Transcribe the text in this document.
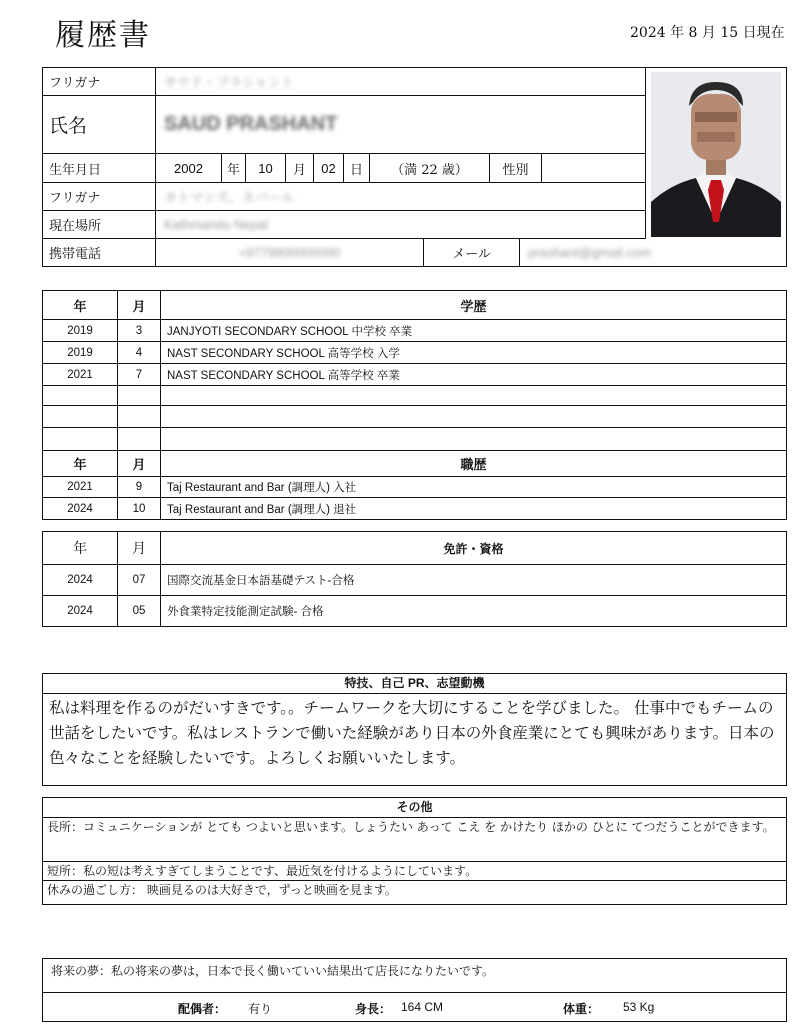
履歴書	2024 年 8 月 15 日現在
フリガナ	サウド・プラシャント
氏名	SAUD PRASHANT
生年月日	2002	年	10	月	02	日	（満 22 歳）	性別
フリガナ	カトマンズ、ネパール
現在場所	Kathmandu Nepal
携帯電話	+9779800000000	メール	prashant@gmail.com
年	月	学歴
2019	3	JANJYOTI SECONDARY SCHOOL 中学校 卒業
2019	4	NAST SECONDARY SCHOOL 高等学校 入学
2021	7	NAST SECONDARY SCHOOL 高等学校 卒業

年	月	職歴
2021	9	Taj Restaurant and Bar (調理人) 入社
2024	10	Taj Restaurant and Bar (調理人) 退社
年	月	免許・資格
2024	07	国際交流基金日本語基礎テスト-合格
2024	05	外食業特定技能測定試験- 合格
特技、自己 PR、志望動機
私は料理を作るのがだいすきです。。チームワークを大切にすることを学びました。 仕事中でもチームの世話をしたいです。私はレストランで働いた経験があり日本の外食産業にとても興味があります。日本の色々なことを経験したいです。よろしくお願いいたします。
その他
長所：コミュニケーションが とても つよいと思います。しょうたい あって こえ を かけたり ほかの ひとに てつだうことができます。
短所：私の短は考えすぎてしまうことです、最近気を付けるようにしています。
休みの過ごし方： 映画見るのは大好きで，ずっと映画を見ます。
将来の夢：私の将来の夢は，日本で長く働いていい結果出て店長になりたいです。
配偶者： 有り	身長： 164 CM	体重： 53 Kg
